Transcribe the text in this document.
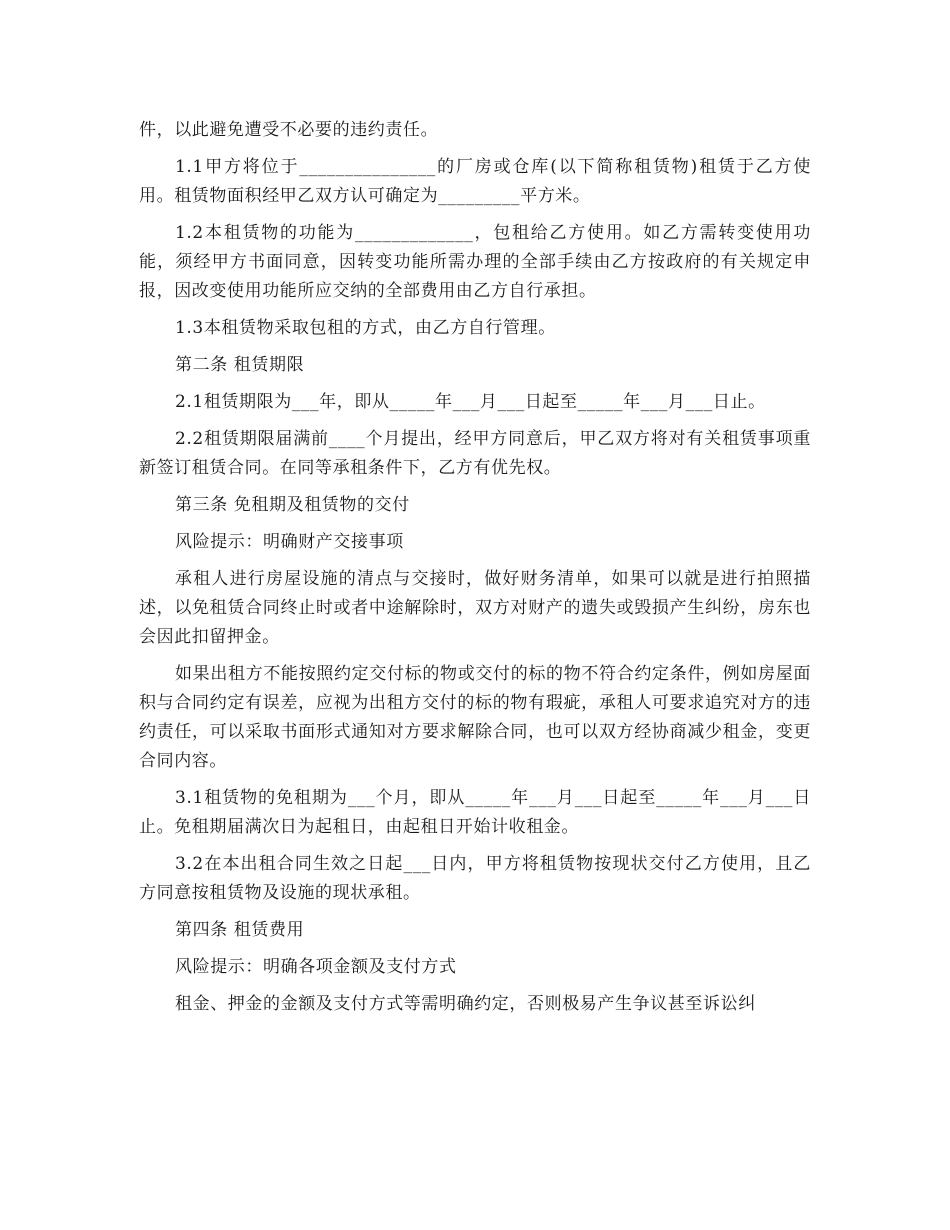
件，以此避免遭受不必要的违约责任。

1.1甲方将位于_______________的厂房或仓库(以下简称租赁物)租赁于乙方使用。租赁物面积经甲乙双方认可确定为_________平方米。

1.2本租赁物的功能为_____________，包租给乙方使用。如乙方需转变使用功能，须经甲方书面同意，因转变功能所需办理的全部手续由乙方按政府的有关规定申报，因改变使用功能所应交纳的全部费用由乙方自行承担。

1.3本租赁物采取包租的方式，由乙方自行管理。

第二条 租赁期限

2.1租赁期限为___年，即从_____年___月___日起至_____年___月___日止。

2.2租赁期限届满前____个月提出，经甲方同意后，甲乙双方将对有关租赁事项重新签订租赁合同。在同等承租条件下，乙方有优先权。

第三条 免租期及租赁物的交付

风险提示：明确财产交接事项

承租人进行房屋设施的清点与交接时，做好财务清单，如果可以就是进行拍照描述，以免租赁合同终止时或者中途解除时，双方对财产的遗失或毁损产生纠纷，房东也会因此扣留押金。

如果出租方不能按照约定交付标的物或交付的标的物不符合约定条件，例如房屋面积与合同约定有误差，应视为出租方交付的标的物有瑕疵，承租人可要求追究对方的违约责任，可以采取书面形式通知对方要求解除合同，也可以双方经协商减少租金，变更合同内容。

3.1租赁物的免租期为___个月，即从_____年___月___日起至_____年___月___日止。免租期届满次日为起租日，由起租日开始计收租金。

3.2在本出租合同生效之日起___日内，甲方将租赁物按现状交付乙方使用，且乙方同意按租赁物及设施的现状承租。

第四条 租赁费用

风险提示：明确各项金额及支付方式

租金、押金的金额及支付方式等需明确约定，否则极易产生争议甚至诉讼纠
